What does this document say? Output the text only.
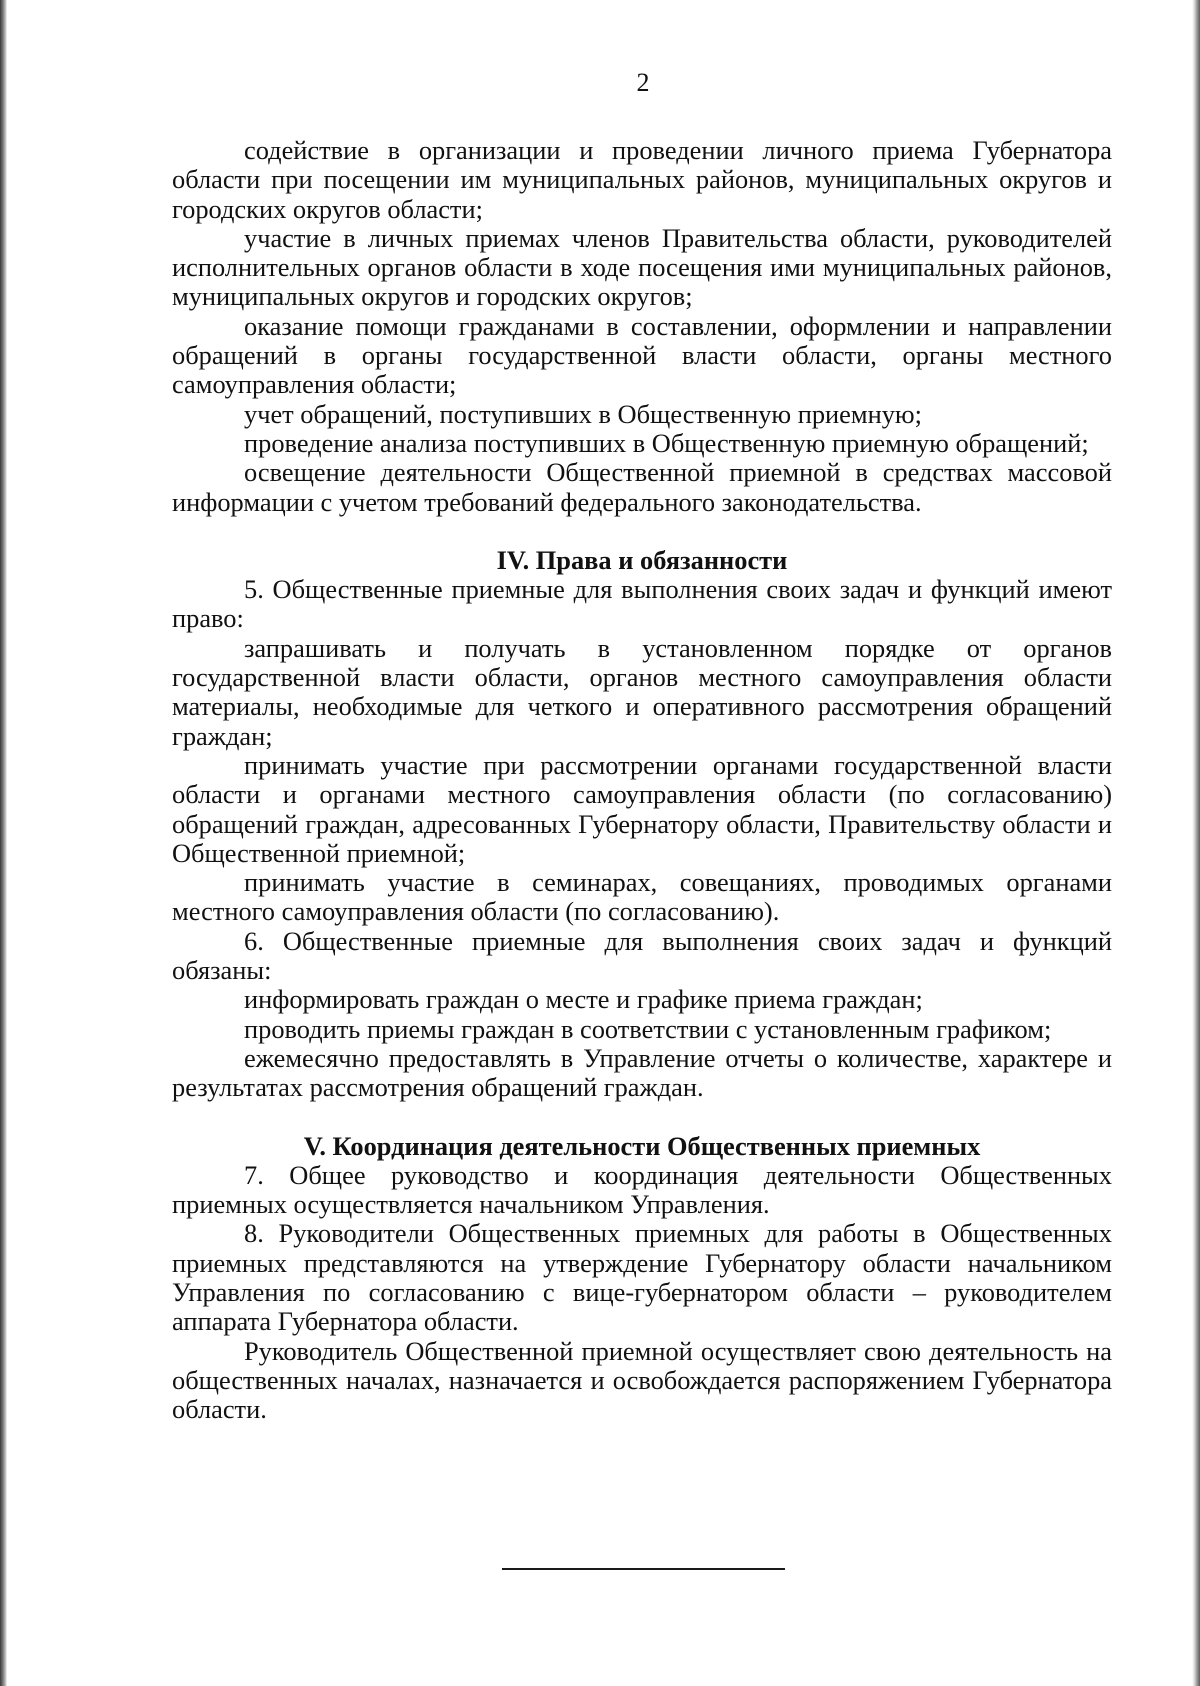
2

содействие в организации и проведении личного приема Губернатора области при посещении им муниципальных районов, муниципальных округов и городских округов области;

участие в личных приемах членов Правительства области, руководителей исполнительных органов области в ходе посещения ими муниципальных районов, муниципальных округов и городских округов;

оказание помощи гражданами в составлении, оформлении и направлении обращений в органы государственной власти области, органы местного самоуправления области;

учет обращений, поступивших в Общественную приемную;

проведение анализа поступивших в Общественную приемную обращений;

освещение деятельности Общественной приемной в средствах массовой информации с учетом требований федерального законодательства.

IV. Права и обязанности

5. Общественные приемные для выполнения своих задач и функций имеют право:

запрашивать и получать в установленном порядке от органов государственной власти области, органов местного самоуправления области материалы, необходимые для четкого и оперативного рассмотрения обращений граждан;

принимать участие при рассмотрении органами государственной власти области и органами местного самоуправления области (по согласованию) обращений граждан, адресованных Губернатору области, Правительству области и Общественной приемной;

принимать участие в семинарах, совещаниях, проводимых органами местного самоуправления области (по согласованию).

6. Общественные приемные для выполнения своих задач и функций обязаны:

информировать граждан о месте и графике приема граждан;

проводить приемы граждан в соответствии с установленным графиком;

ежемесячно предоставлять в Управление отчеты о количестве, характере и результатах рассмотрения обращений граждан.

V. Координация деятельности Общественных приемных

7. Общее руководство и координация деятельности Общественных приемных осуществляется начальником Управления.

8. Руководители Общественных приемных для работы в Общественных приемных представляются на утверждение Губернатору области начальником Управления по согласованию с вице-губернатором области – руководителем аппарата Губернатора области.

Руководитель Общественной приемной осуществляет свою деятельность на общественных началах, назначается и освобождается распоряжением Губернатора области.
